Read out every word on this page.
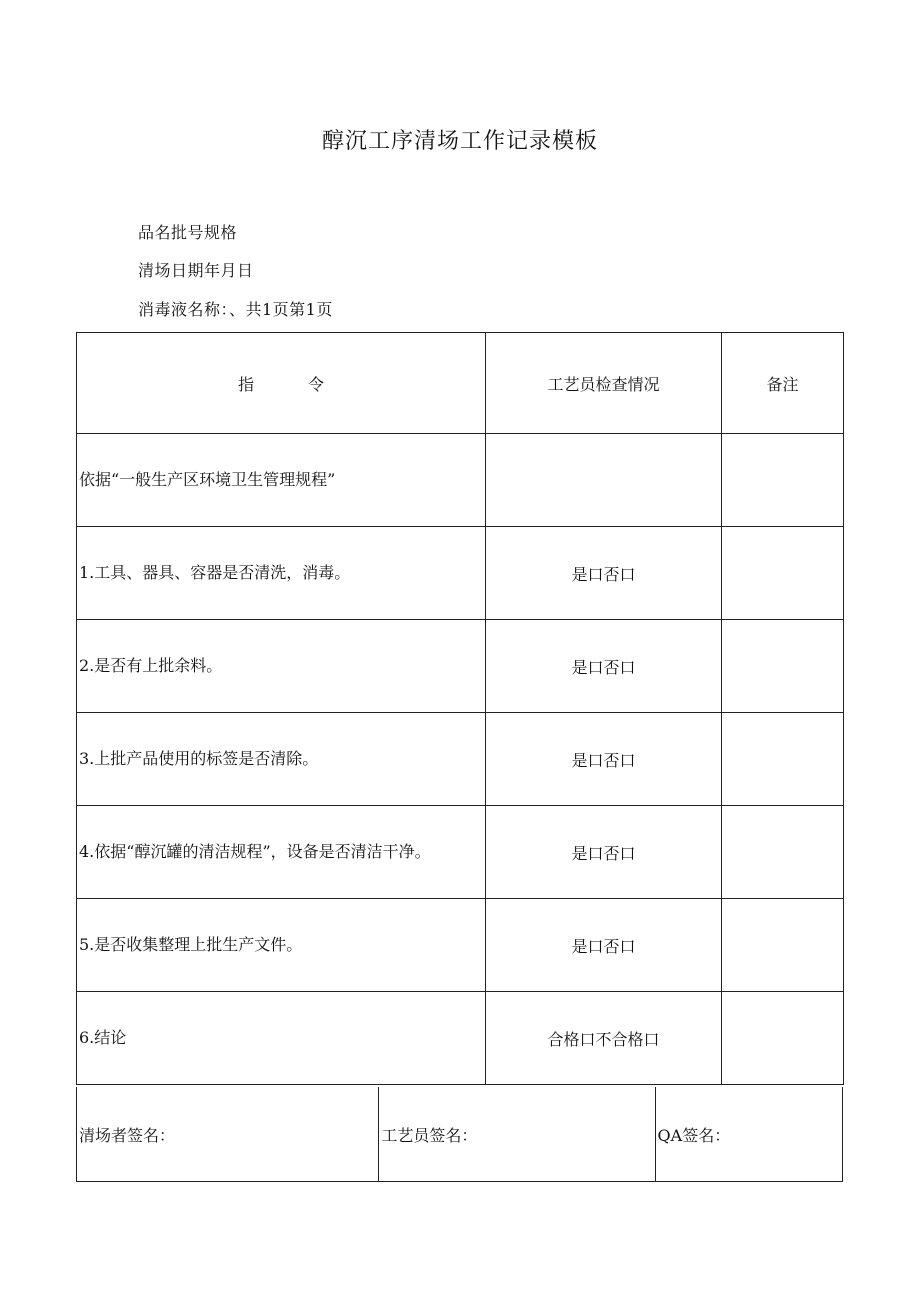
醇沉工序清场工作记录模板
品名批号规格
清场日期年月日
消毒液名称：、共1页第1页
指 令	工艺员检查情况	备注
依据“一般生产区环境卫生管理规程”		
1.工具、器具、容器是否清洗，消毒。	是口否口	
2.是否有上批余料。	是口否口	
3.上批产品使用的标签是否清除。	是口否口	
4.依据“醇沉罐的清洁规程”，设备是否清洁干净。	是口否口	
5.是否收集整理上批生产文件。	是口否口	
6.结论	合格口不合格口	
清场者签名：	工艺员签名：	QA签名：
